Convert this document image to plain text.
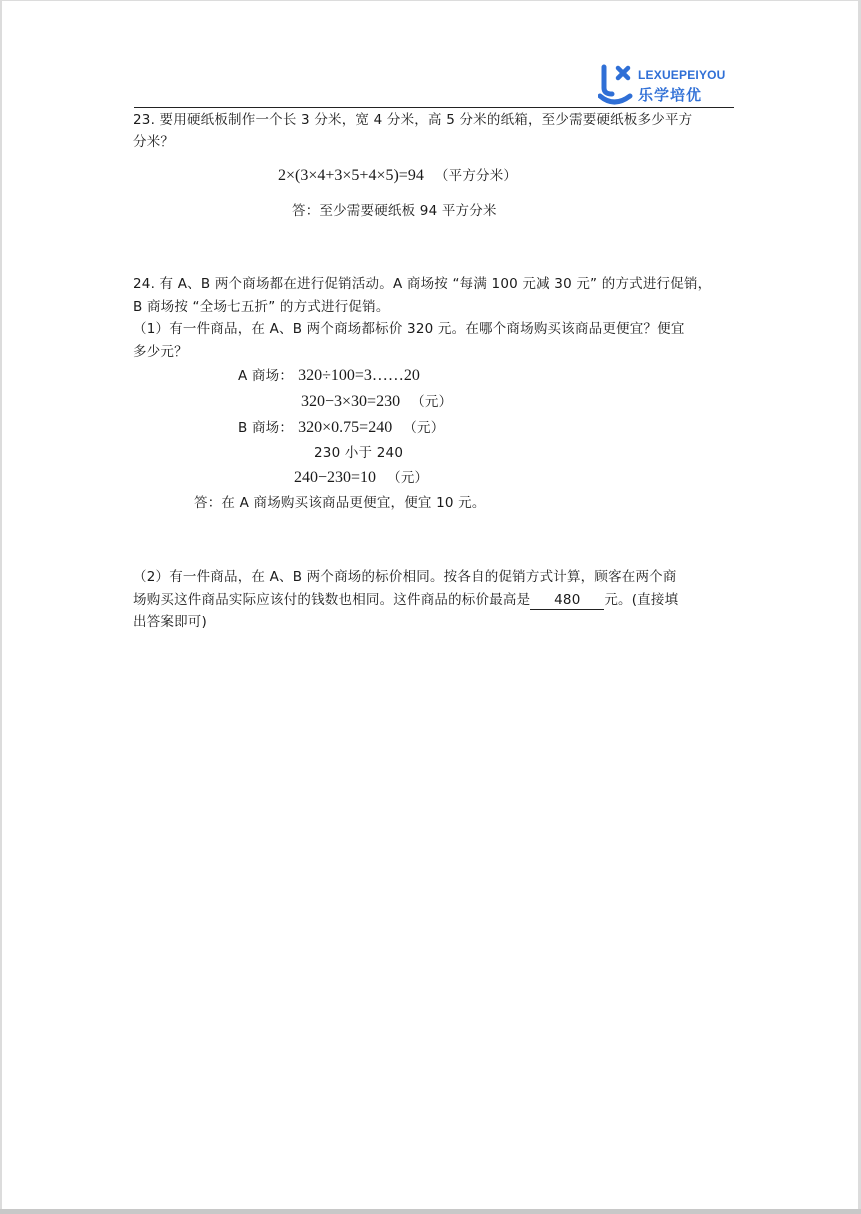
LEXUEPEIYOU
乐学培优
23. 要用硬纸板制作一个长 3 分米，宽 4 分米，高 5 分米的纸箱，至少需要硬纸板多少平方
分米？
2×(3×4+3×5+4×5)=94 （平方分米）
答：至少需要硬纸板 94 平方分米
24. 有 A、B 两个商场都在进行促销活动。A 商场按 “每满 100 元减 30 元” 的方式进行促销，
B 商场按 “全场七五折” 的方式进行促销。
（1）有一件商品，在 A、B 两个商场都标价 320 元。在哪个商场购买该商品更便宜？便宜
多少元？
A 商场： 320÷100=3……20
320−3×30=230 （元）
B 商场： 320×0.75=240 （元）
230 小于 240
240−230=10 （元）
答：在 A 商场购买该商品更便宜，便宜 10 元。
（2）有一件商品，在 A、B 两个商场的标价相同。按各自的促销方式计算，顾客在两个商
场购买这件商品实际应该付的钱数也相同。这件商品的标价最高是 480 元。(直接填
出答案即可)
